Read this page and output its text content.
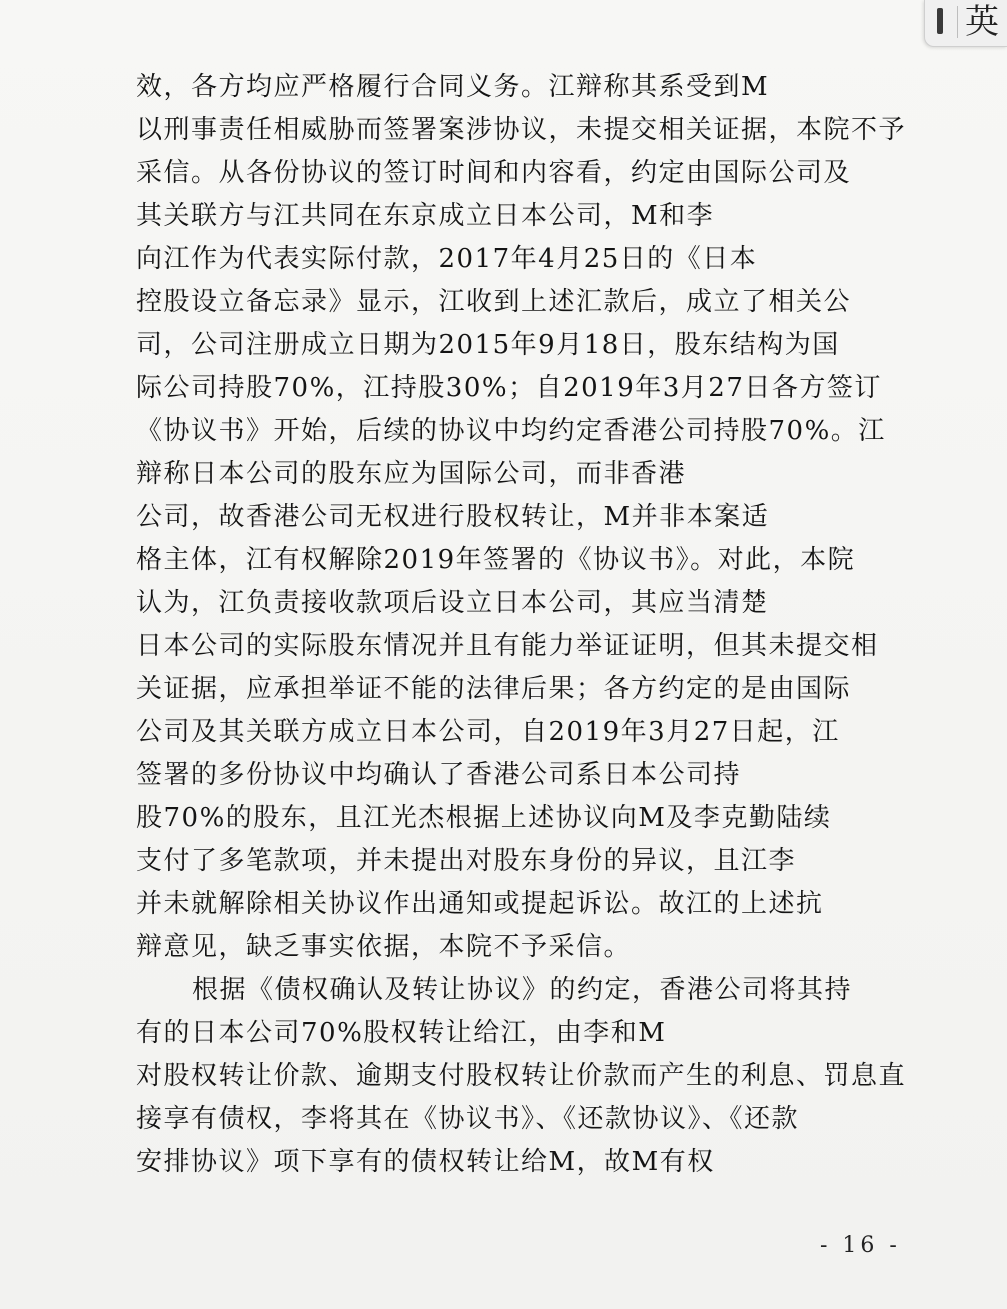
英
效，各方均应严格履行合同义务。江辩称其系受到M
以刑事责任相威胁而签署案涉协议，未提交相关证据，本院不予
采信。从各份协议的签订时间和内容看，约定由国际公司及
其关联方与江共同在东京成立日本公司，M和李
向江作为代表实际付款，2017年4月25日的《日本
控股设立备忘录》显示，江收到上述汇款后，成立了相关公
司，公司注册成立日期为2015年9月18日，股东结构为国
际公司持股70%，江持股30%；自2019年3月27日各方签订
《协议书》开始，后续的协议中均约定香港公司持股70%。江
辩称日本公司的股东应为国际公司，而非香港
公司，故香港公司无权进行股权转让，M并非本案适
格主体，江有权解除2019年签署的《协议书》。对此，本院
认为，江负责接收款项后设立日本公司，其应当清楚
日本公司的实际股东情况并且有能力举证证明，但其未提交相
关证据，应承担举证不能的法律后果；各方约定的是由国际
公司及其关联方成立日本公司，自2019年3月27日起，江
签署的多份协议中均确认了香港公司系日本公司持
股70%的股东，且江光杰根据上述协议向M及李克勤陆续
支付了多笔款项，并未提出对股东身份的异议，且江李
并未就解除相关协议作出通知或提起诉讼。故江的上述抗
辩意见，缺乏事实依据，本院不予采信。
根据《债权确认及转让协议》的约定，香港公司将其持
有的日本公司70%股权转让给江，由李和M
对股权转让价款、逾期支付股权转让价款而产生的利息、罚息直
接享有债权，李将其在《协议书》、《还款协议》、《还款
安排协议》项下享有的债权转让给M，故M有权
- 16 -
